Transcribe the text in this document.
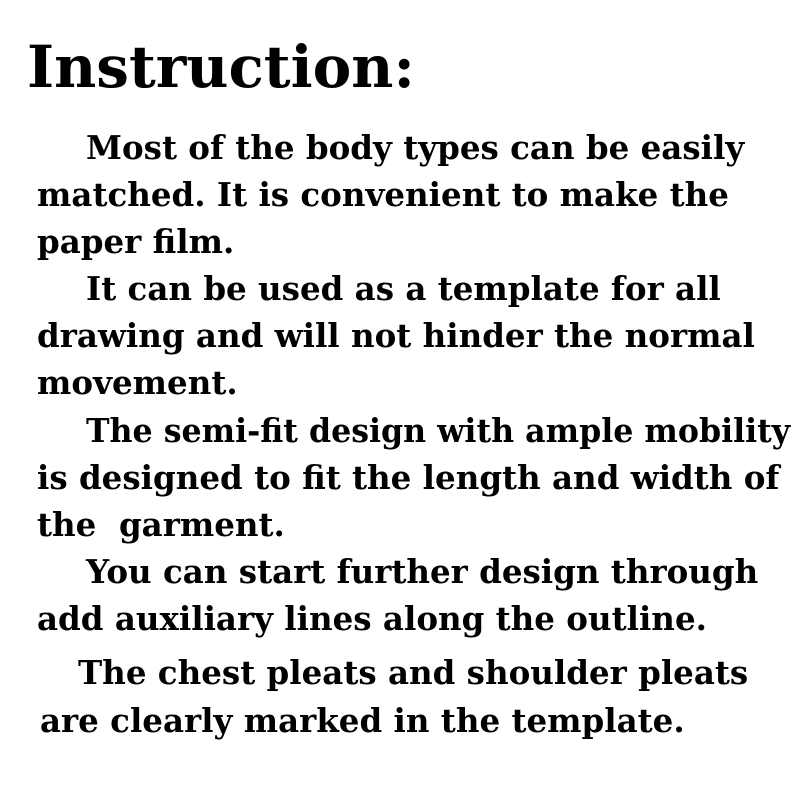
Instruction:

Most of the body types can be easily

matched. It is convenient to make the

paper film.

It can be used as a template for all

drawing and will not hinder the normal

movement.

The semi-fit design with ample mobility

is designed to fit the length and width of

the  garment.

You can start further design through

add auxiliary lines along the outline.

The chest pleats and shoulder pleats

are clearly marked in the template.
